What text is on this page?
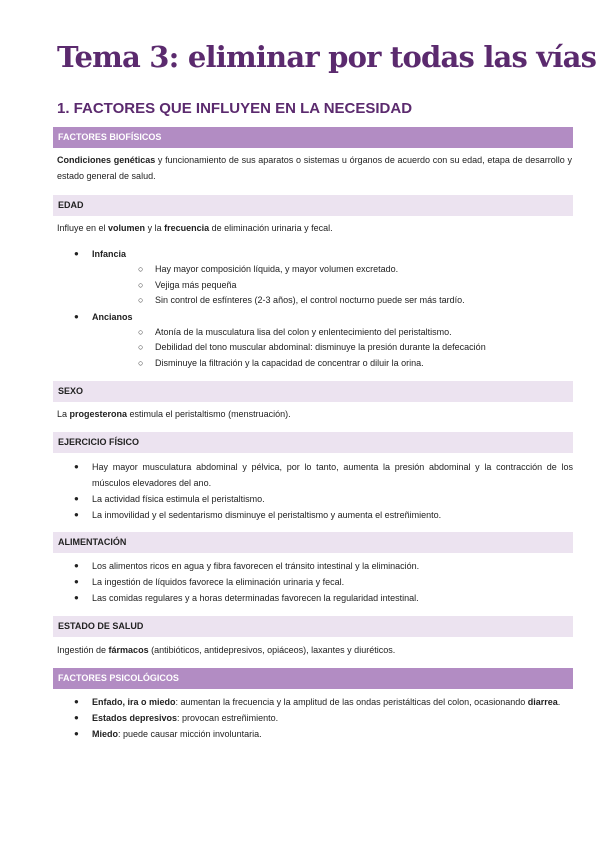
Tema 3: eliminar por todas las vías
1. FACTORES QUE INFLUYEN EN LA NECESIDAD
FACTORES BIOFÍSICOS

Condiciones genéticas y funcionamiento de sus aparatos o sistemas u órganos de acuerdo con su edad, etapa de desarrollo y estado general de salud.

EDAD

Influye en el volumen y la frecuencia de eliminación urinaria y fecal.

● Infancia
○ Hay mayor composición líquida, y mayor volumen excretado.
○ Vejiga más pequeña
○ Sin control de esfínteres (2-3 años), el control nocturno puede ser más tardío.
● Ancianos
○ Atonía de la musculatura lisa del colon y enlentecimiento del peristaltismo.
○ Debilidad del tono muscular abdominal: disminuye la presión durante la defecación
○ Disminuye la filtración y la capacidad de concentrar o diluir la orina.
SEXO

La progesterona estimula el peristaltismo (menstruación).

EJERCICIO FÍSICO
● Hay mayor musculatura abdominal y pélvica, por lo tanto, aumenta la presión abdominal y la contracción de los músculos elevadores del ano.
● La actividad física estimula el peristaltismo.
● La inmovilidad y el sedentarismo disminuye el peristaltismo y aumenta el estreñimiento.
ALIMENTACIÓN
● Los alimentos ricos en agua y fibra favorecen el tránsito intestinal y la eliminación.
● La ingestión de líquidos favorece la eliminación urinaria y fecal.
● Las comidas regulares y a horas determinadas favorecen la regularidad intestinal.
ESTADO DE SALUD

Ingestión de fármacos (antibióticos, antidepresivos, opiáceos), laxantes y diuréticos.

FACTORES PSICOLÓGICOS
● Enfado, ira o miedo: aumentan la frecuencia y la amplitud de las ondas peristálticas del colon, ocasionando diarrea.
● Estados depresivos: provocan estreñimiento.
● Miedo: puede causar micción involuntaria.
